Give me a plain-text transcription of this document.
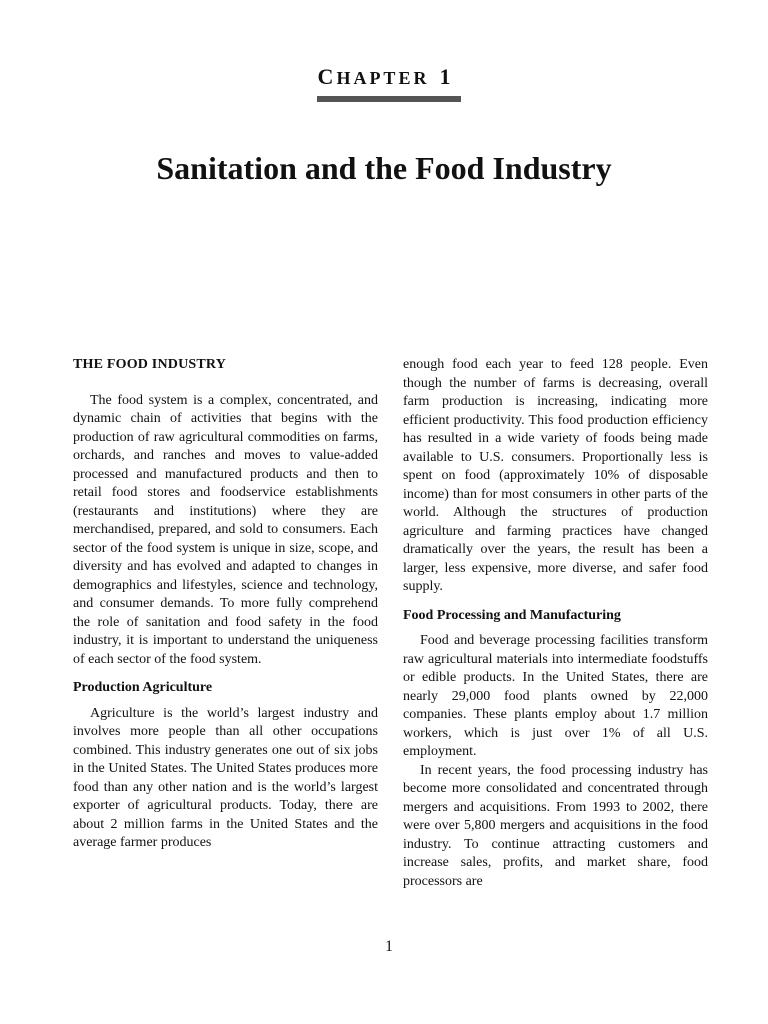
CHAPTER 1
Sanitation and the Food Industry
THE FOOD INDUSTRY

The food system is a complex, concentrated, and dynamic chain of activities that begins with the production of raw agricultural commodities on farms, orchards, and ranches and moves to value-added processed and manufactured products and then to retail food stores and foodservice establishments (restaurants and institutions) where they are merchandised, prepared, and sold to consumers. Each sector of the food system is unique in size, scope, and diversity and has evolved and adapted to changes in demographics and lifestyles, science and technology, and consumer demands. To more fully comprehend the role of sanitation and food safety in the food industry, it is important to understand the uniqueness of each sector of the food system.

Production Agriculture

Agriculture is the world’s largest industry and involves more people than all other occupations combined. This industry generates one out of six jobs in the United States. The United States produces more food than any other nation and is the world’s largest exporter of agricultural products. Today, there are about 2 million farms in the United States and the average farmer produces

enough food each year to feed 128 people. Even though the number of farms is decreasing, overall farm production is increasing, indicating more efficient productivity. This food production efficiency has resulted in a wide variety of foods being made available to U.S. consumers. Proportionally less is spent on food (approximately 10% of disposable income) than for most consumers in other parts of the world. Although the structures of production agriculture and farming practices have changed dramatically over the years, the result has been a larger, less expensive, more diverse, and safer food supply.

Food Processing and Manufacturing

Food and beverage processing facilities transform raw agricultural materials into intermediate foodstuffs or edible products. In the United States, there are nearly 29,000 food plants owned by 22,000 companies. These plants employ about 1.7 million workers, which is just over 1% of all U.S. employment.

In recent years, the food processing industry has become more consolidated and concentrated through mergers and acquisitions. From 1993 to 2002, there were over 5,800 mergers and acquisitions in the food industry. To continue attracting customers and increase sales, profits, and market share, food processors are

1
